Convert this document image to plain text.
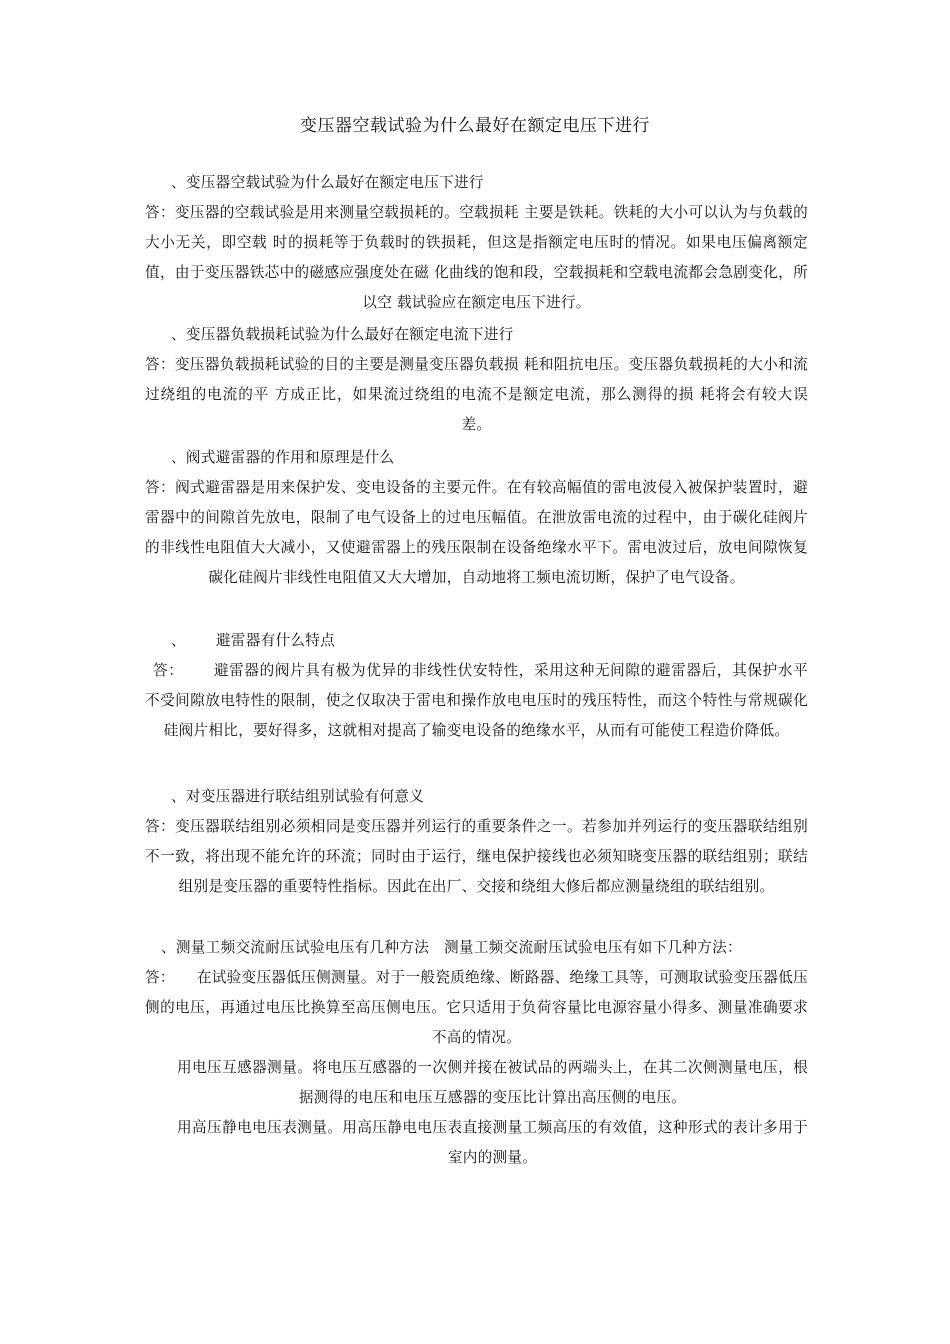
变压器空载试验为什么最好在额定电压下进行
、变压器空载试验为什么最好在额定电压下进行
答：变压器的空载试验是用来测量空载损耗的。空载损耗 主要是铁耗。铁耗的大小可以认为与负载的大小无关，即空载 时的损耗等于负载时的铁损耗，但这是指额定电压时的情况。如果电压偏离额定值，由于变压器铁芯中的磁感应强度处在磁 化曲线的饱和段，空载损耗和空载电流都会急剧变化，所以空 载试验应在额定电压下进行。
、变压器负载损耗试验为什么最好在额定电流下进行
答：变压器负载损耗试验的目的主要是测量变压器负载损 耗和阻抗电压。变压器负载损耗的大小和流过绕组的电流的平 方成正比，如果流过绕组的电流不是额定电流，那么测得的损 耗将会有较大误差。
、阀式避雷器的作用和原理是什么
答：阀式避雷器是用来保护发、变电设备的主要元件。在有较高幅值的雷电波侵入被保护装置时，避雷器中的间隙首先放电，限制了电气设备上的过电压幅值。在泄放雷电流的过程中，由于碳化硅阀片的非线性电阻值大大减小，又使避雷器上的残压限制在设备绝缘水平下。雷电波过后，放电间隙恢复碳化硅阀片非线性电阻值又大大增加，自动地将工频电流切断，保护了电气设备。
、 避雷器有什么特点
答： 避雷器的阀片具有极为优异的非线性伏安特性，采用这种无间隙的避雷器后，其保护水平不受间隙放电特性的限制，使之仅取决于雷电和操作放电电压时的残压特性，而这个特性与常规碳化硅阀片相比，要好得多，这就相对提高了输变电设备的绝缘水平，从而有可能使工程造价降低。
、对变压器进行联结组别试验有何意义
答：变压器联结组别必须相同是变压器并列运行的重要条件之一。若参加并列运行的变压器联结组别不一致，将出现不能允许的环流；同时由于运行，继电保护接线也必须知晓变压器的联结组别；联结组别是变压器的重要特性指标。因此在出厂、交接和绕组大修后都应测量绕组的联结组别。
、测量工频交流耐压试验电压有几种方法　测量工频交流耐压试验电压有如下几种方法：
答： 在试验变压器低压侧测量。对于一般瓷质绝缘、断路器、绝缘工具等，可测取试验变压器低压侧的电压，再通过电压比换算至高压侧电压。它只适用于负荷容量比电源容量小得多、测量准确要求不高的情况。
用电压互感器测量。将电压互感器的一次侧并接在被试品的两端头上，在其二次侧测量电压，根据测得的电压和电压互感器的变压比计算出高压侧的电压。
用高压静电电压表测量。用高压静电电压表直接测量工频高压的有效值，这种形式的表计多用于室内的测量。
